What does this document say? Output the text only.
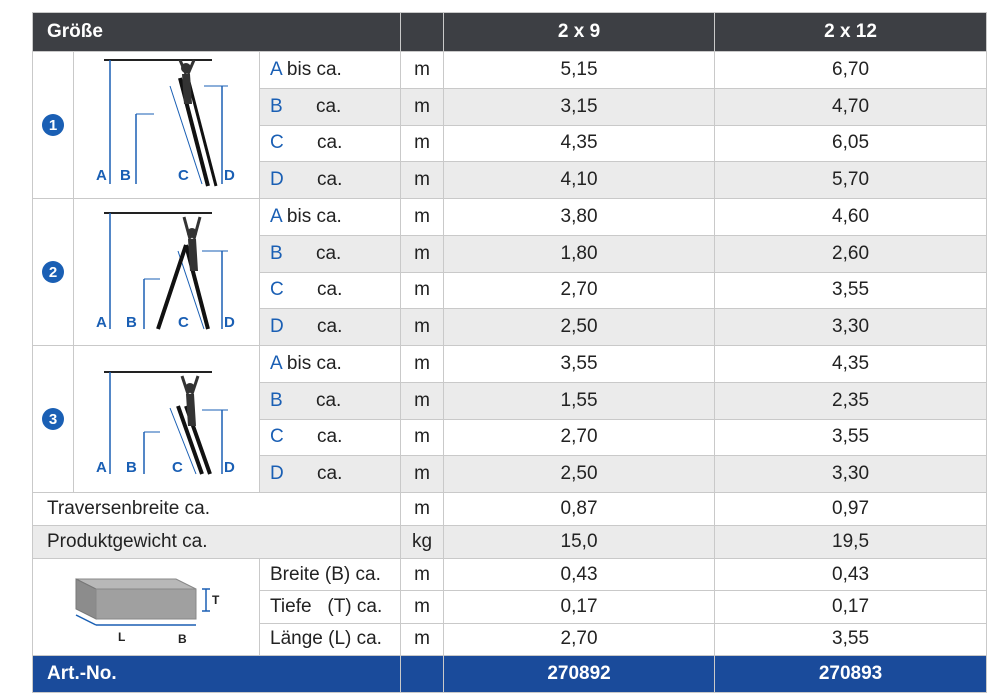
Größe				2 x 9	2 x 12
1	A B C D	A bis ca.	m	5,15	6,70
		B ca.	m	3,15	4,70
		C ca.	m	4,35	6,05
		D ca.	m	4,10	5,70
2	A B C D	A bis ca.	m	3,80	4,60
		B ca.	m	1,80	2,60
		C ca.	m	2,70	3,55
		D ca.	m	2,50	3,30
3	A B C D	A bis ca.	m	3,55	4,35
		B ca.	m	1,55	2,35
		C ca.	m	2,70	3,55
		D ca.	m	2,50	3,30
Traversenbreite ca.			m	0,87	0,97
Produktgewicht ca.			kg	15,0	19,5

T
L B		Breite (B) ca.	m	0,43	0,43
		Tiefe   (T) ca.	m	0,17	0,17
		Länge (L) ca.	m	2,70	3,55
Art.-No.				270892	270893
